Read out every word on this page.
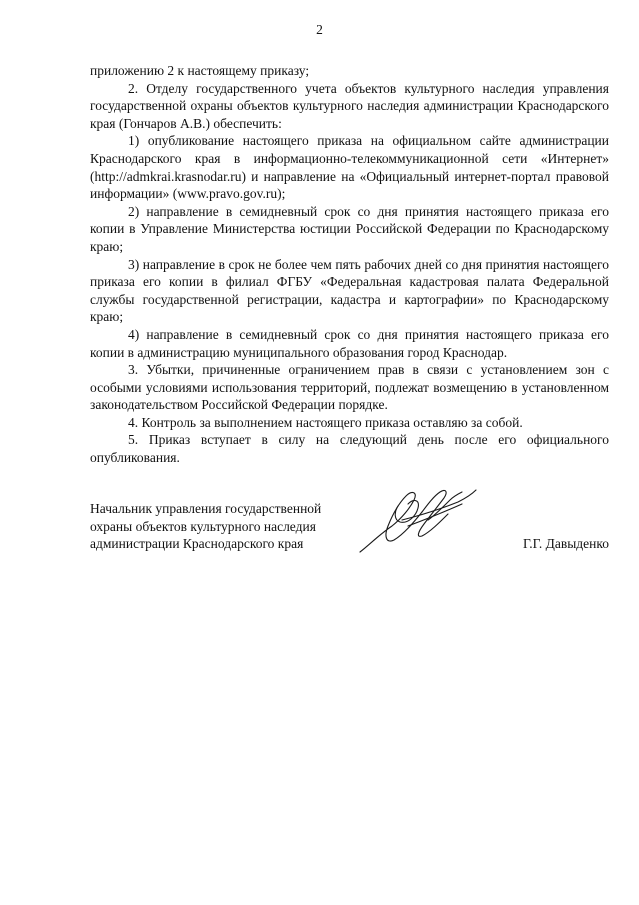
2

приложению 2 к настоящему приказу;

2. Отделу государственного учета объектов культурного наследия управления государственной охраны объектов культурного наследия администрации Краснодарского края (Гончаров А.В.) обеспечить:

1) опубликование настоящего приказа на официальном сайте администрации Краснодарского края в информационно-телекоммуникационной сети «Интернет» (http://admkrai.krasnodar.ru) и направление на «Официальный интернет-портал правовой информации» (www.pravo.gov.ru);

2) направление в семидневный срок со дня принятия настоящего приказа его копии в Управление Министерства юстиции Российской Федерации по Краснодарскому краю;

3) направление в срок не более чем пять рабочих дней со дня принятия настоящего приказа его копии в филиал ФГБУ «Федеральная кадастровая палата Федеральной службы государственной регистрации, кадастра и картографии» по Краснодарскому краю;

4) направление в семидневный срок со дня принятия настоящего приказа его копии в администрацию муниципального образования город Краснодар.

3. Убытки, причиненные ограничением прав в связи с установлением зон с особыми условиями использования территорий, подлежат возмещению в установленном законодательством Российской Федерации порядке.

4. Контроль за выполнением настоящего приказа оставляю за собой.

5. Приказ вступает в силу на следующий день после его официального опубликования.

Начальник управления государственной
охраны объектов культурного наследия
администрации Краснодарского края	Г.Г. Давыденко
